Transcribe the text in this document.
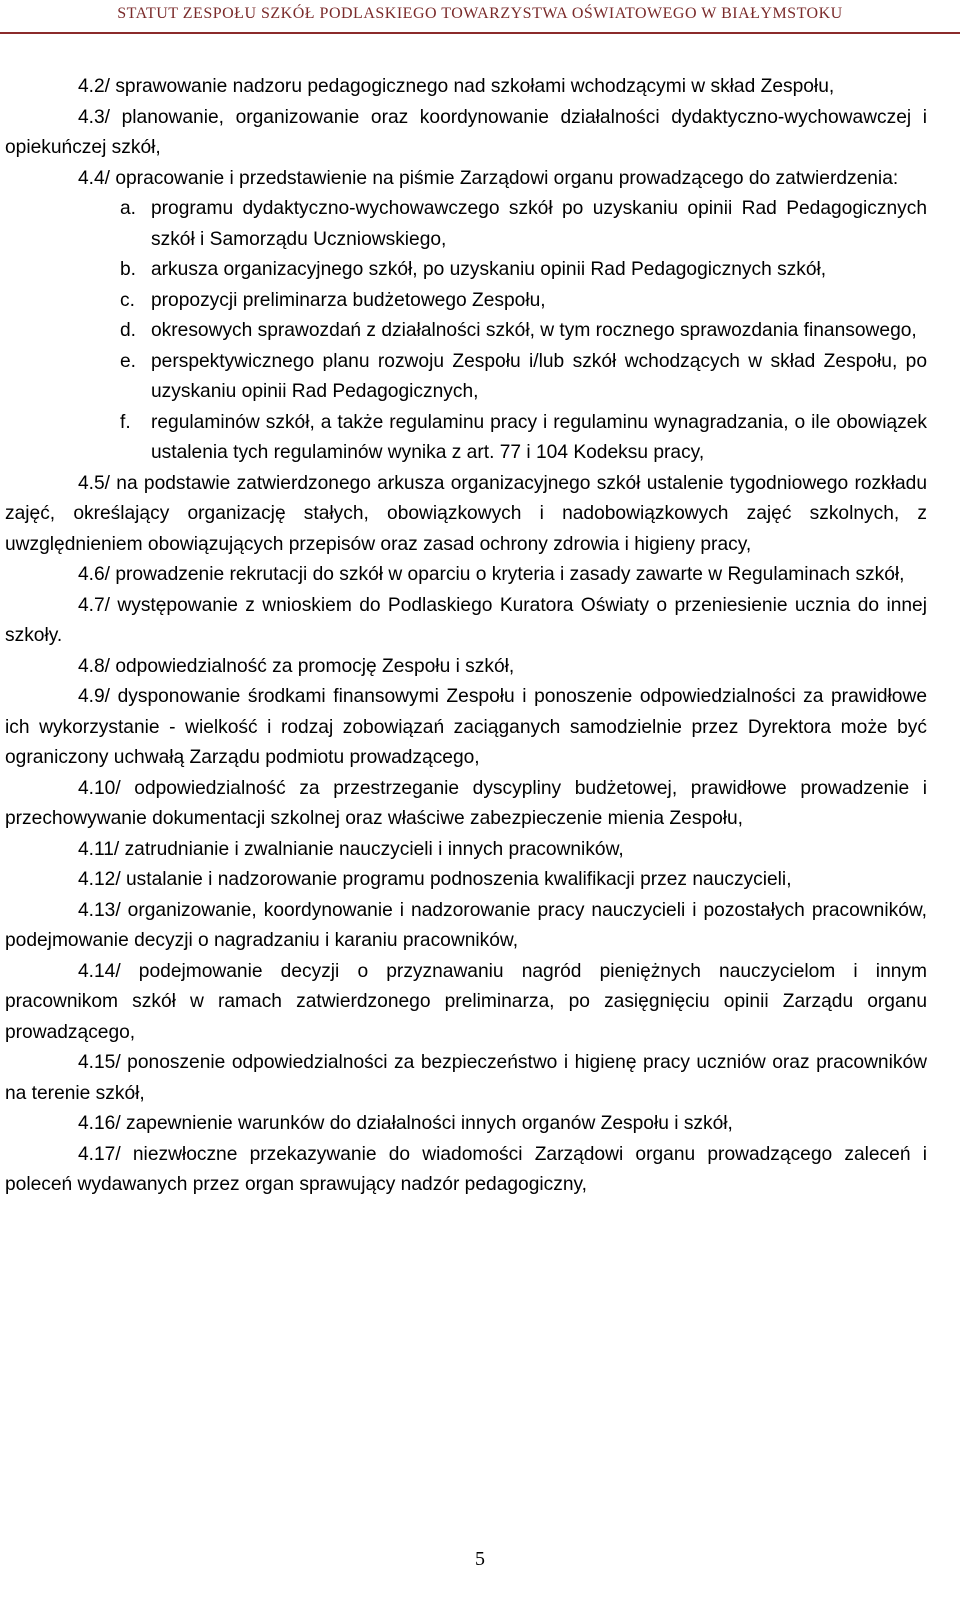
STATUT ZESPOŁU SZKÓŁ PODLASKIEGO TOWARZYSTWA OŚWIATOWEGO W BIAŁYMSTOKU

4.2/ sprawowanie nadzoru pedagogicznego nad szkołami wchodzącymi w skład Zespołu,

4.3/ planowanie, organizowanie oraz koordynowanie działalności dydaktyczno-wychowawczej i opiekuńczej szkół,

4.4/ opracowanie i przedstawienie na piśmie Zarządowi organu prowadzącego do zatwierdzenia:

a. programu dydaktyczno-wychowawczego szkół po uzyskaniu opinii Rad Pedagogicznych szkół i Samorządu Uczniowskiego,
b. arkusza organizacyjnego szkół, po uzyskaniu opinii Rad Pedagogicznych szkół,
c. propozycji preliminarza budżetowego Zespołu,
d. okresowych sprawozdań z działalności szkół, w tym rocznego sprawozdania finansowego,
e. perspektywicznego planu rozwoju Zespołu i/lub szkół wchodzących w skład Zespołu, po uzyskaniu opinii Rad Pedagogicznych,
f. regulaminów szkół, a także regulaminu pracy i regulaminu wynagradzania, o ile obowiązek ustalenia tych regulaminów wynika z art. 77 i 104 Kodeksu pracy,

4.5/ na podstawie zatwierdzonego arkusza organizacyjnego szkół ustalenie tygodniowego rozkładu zajęć, określający organizację stałych, obowiązkowych i nadobowiązkowych zajęć szkolnych, z uwzględnieniem obowiązujących przepisów oraz zasad ochrony zdrowia i higieny pracy,

4.6/ prowadzenie rekrutacji do szkół w oparciu o kryteria i zasady zawarte w Regulaminach szkół,

4.7/ występowanie z wnioskiem do Podlaskiego Kuratora Oświaty o przeniesienie ucznia do innej szkoły.

4.8/ odpowiedzialność za promocję Zespołu i szkół,

4.9/ dysponowanie środkami finansowymi Zespołu i ponoszenie odpowiedzialności za prawidłowe ich wykorzystanie - wielkość i rodzaj zobowiązań zaciąganych samodzielnie przez Dyrektora może być ograniczony uchwałą Zarządu podmiotu prowadzącego,

4.10/ odpowiedzialność za przestrzeganie dyscypliny budżetowej, prawidłowe prowadzenie i przechowywanie dokumentacji szkolnej oraz właściwe zabezpieczenie mienia Zespołu,

4.11/ zatrudnianie i zwalnianie nauczycieli i innych pracowników,

4.12/ ustalanie i nadzorowanie programu podnoszenia kwalifikacji przez nauczycieli,

4.13/ organizowanie, koordynowanie i nadzorowanie pracy nauczycieli i pozostałych pracowników, podejmowanie decyzji o nagradzaniu i karaniu pracowników,

4.14/ podejmowanie decyzji o przyznawaniu nagród pieniężnych nauczycielom i innym pracownikom szkół w ramach zatwierdzonego preliminarza, po zasięgnięciu opinii Zarządu organu prowadzącego,

4.15/ ponoszenie odpowiedzialności za bezpieczeństwo i higienę pracy uczniów oraz pracowników na terenie szkół,

4.16/ zapewnienie warunków do działalności innych organów Zespołu i szkół,

4.17/ niezwłoczne przekazywanie do wiadomości Zarządowi organu prowadzącego zaleceń i poleceń wydawanych przez organ sprawujący nadzór pedagogiczny,

5
